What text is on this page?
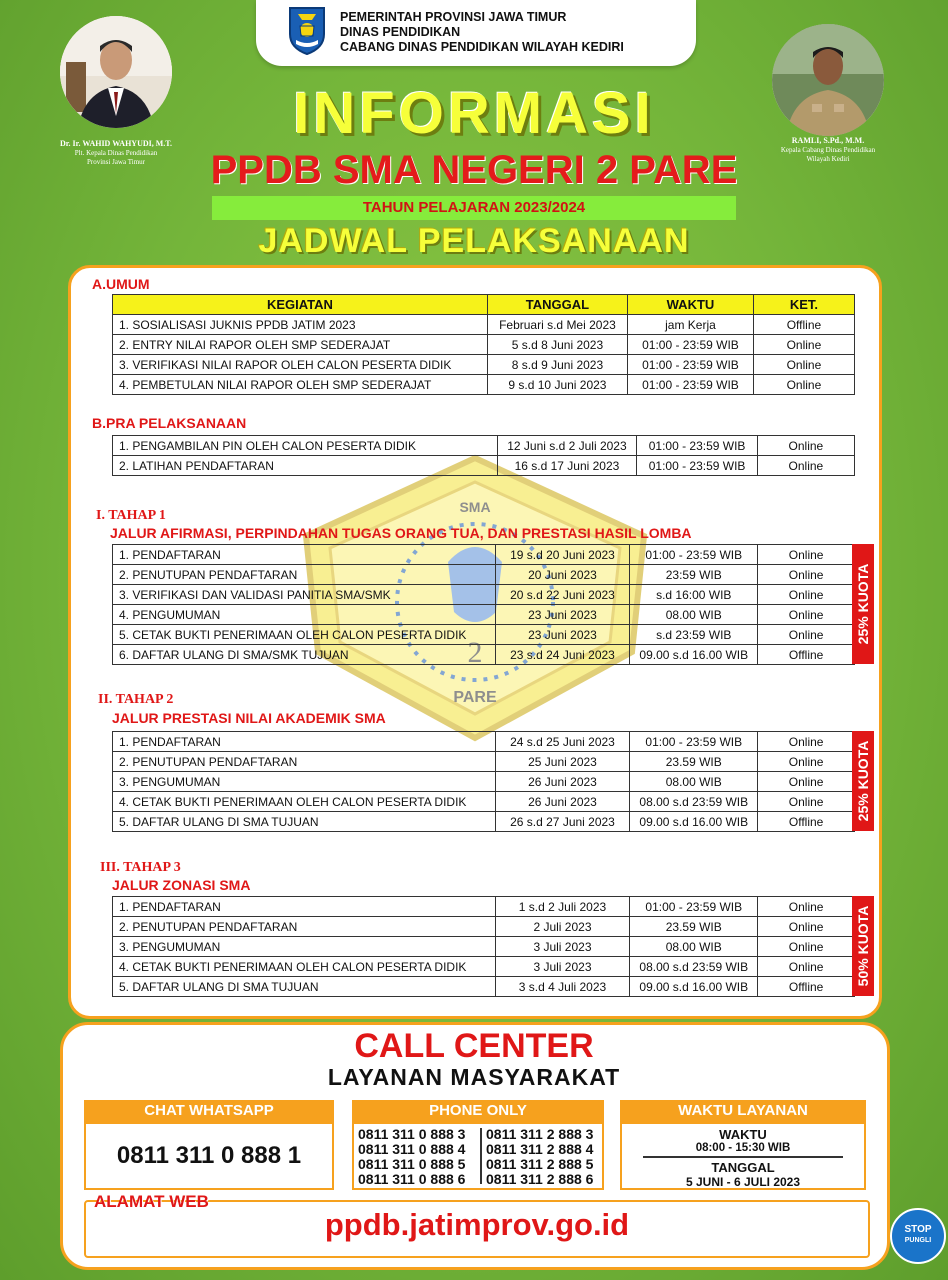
PEMERINTAH PROVINSI JAWA TIMUR
DINAS PENDIDIKAN
CABANG DINAS PENDIDIKAN WILAYAH KEDIRI
Dr. Ir. WAHID WAHYUDI, M.T.
Plt. Kepala Dinas Pendidikan
Provinsi Jawa Timur
RAMLI, S.Pd., M.M.
Kepala Cabang Dinas Pendidikan
Wilayah Kediri
INFORMASI
PPDB SMA NEGERI 2 PARE
TAHUN PELAJARAN 2023/2024
JADWAL PELAKSANAAN
2
SMA
PARE
A.UMUM
KEGIATAN	TANGGAL	WAKTU	KET.
1. SOSIALISASI JUKNIS PPDB JATIM 2023	Februari s.d Mei 2023	jam Kerja	Offline
2. ENTRY NILAI RAPOR OLEH SMP SEDERAJAT	5 s.d 8 Juni 2023	01:00 - 23:59 WIB	Online
3. VERIFIKASI NILAI RAPOR OLEH CALON PESERTA DIDIK	8 s.d 9 Juni 2023	01:00 - 23:59 WIB	Online
4. PEMBETULAN NILAI RAPOR OLEH SMP SEDERAJAT	9 s.d 10 Juni 2023	01:00 - 23:59 WIB	Online
B.PRA PELAKSANAAN
1. PENGAMBILAN PIN OLEH CALON PESERTA DIDIK	12 Juni s.d 2 Juli 2023	01:00 - 23:59 WIB	Online
2. LATIHAN PENDAFTARAN	16 s.d 17 Juni 2023	01:00 - 23:59 WIB	Online
I. TAHAP 1
JALUR AFIRMASI, PERPINDAHAN TUGAS ORANG TUA, DAN PRESTASI HASIL LOMBA
1. PENDAFTARAN	19 s.d 20 Juni 2023	01:00 - 23:59 WIB	Online
2. PENUTUPAN PENDAFTARAN	20 Juni 2023	23:59 WIB	Online
3. VERIFIKASI DAN VALIDASI PANITIA SMA/SMK	20 s.d 22 Juni 2023	s.d 16:00 WIB	Online
4. PENGUMUMAN	23 Juni 2023	08.00 WIB	Online
5. CETAK BUKTI PENERIMAAN OLEH CALON PESERTA DIDIK	23 Juni 2023	s.d 23:59 WIB	Online
6. DAFTAR ULANG DI SMA/SMK TUJUAN	23 s.d 24 Juni 2023	09.00 s.d 16.00 WIB	Offline
25% KUOTA
II. TAHAP 2
JALUR PRESTASI NILAI AKADEMIK SMA
1. PENDAFTARAN	24 s.d 25 Juni 2023	01:00 - 23:59 WIB	Online
2. PENUTUPAN PENDAFTARAN	25 Juni 2023	23.59 WIB	Online
3. PENGUMUMAN	26 Juni 2023	08.00 WIB	Online
4. CETAK BUKTI PENERIMAAN OLEH CALON PESERTA DIDIK	26 Juni 2023	08.00 s.d 23:59 WIB	Online
5. DAFTAR ULANG DI SMA TUJUAN	26 s.d 27 Juni 2023	09.00 s.d 16.00 WIB	Offline
25% KUOTA
III. TAHAP 3
JALUR ZONASI SMA
1. PENDAFTARAN	1 s.d 2 Juli 2023	01:00 - 23:59 WIB	Online
2. PENUTUPAN PENDAFTARAN	2 Juli 2023	23.59 WIB	Online
3. PENGUMUMAN	3 Juli 2023	08.00 WIB	Online
4. CETAK BUKTI PENERIMAAN OLEH CALON PESERTA DIDIK	3 Juli 2023	08.00 s.d 23:59 WIB	Online
5. DAFTAR ULANG DI SMA TUJUAN	3 s.d 4 Juli 2023	09.00 s.d 16.00 WIB	Offline
50% KUOTA
CALL CENTER
LAYANAN MASYARAKAT
CHAT WHATSAPP
0811 311 0 888 1
PHONE ONLY
0811 311 0 888 3
0811 311 0 888 4
0811 311 0 888 5
0811 311 0 888 6
0811 311 2 888 3
0811 311 2 888 4
0811 311 2 888 5
0811 311 2 888 6
WAKTU LAYANAN
WAKTU
08:00 - 15:30 WIB
TANGGAL
5 JUNI - 6 JULI 2023
ALAMAT WEB
ppdb.jatimprov.go.id	STOP
PUNGLI
